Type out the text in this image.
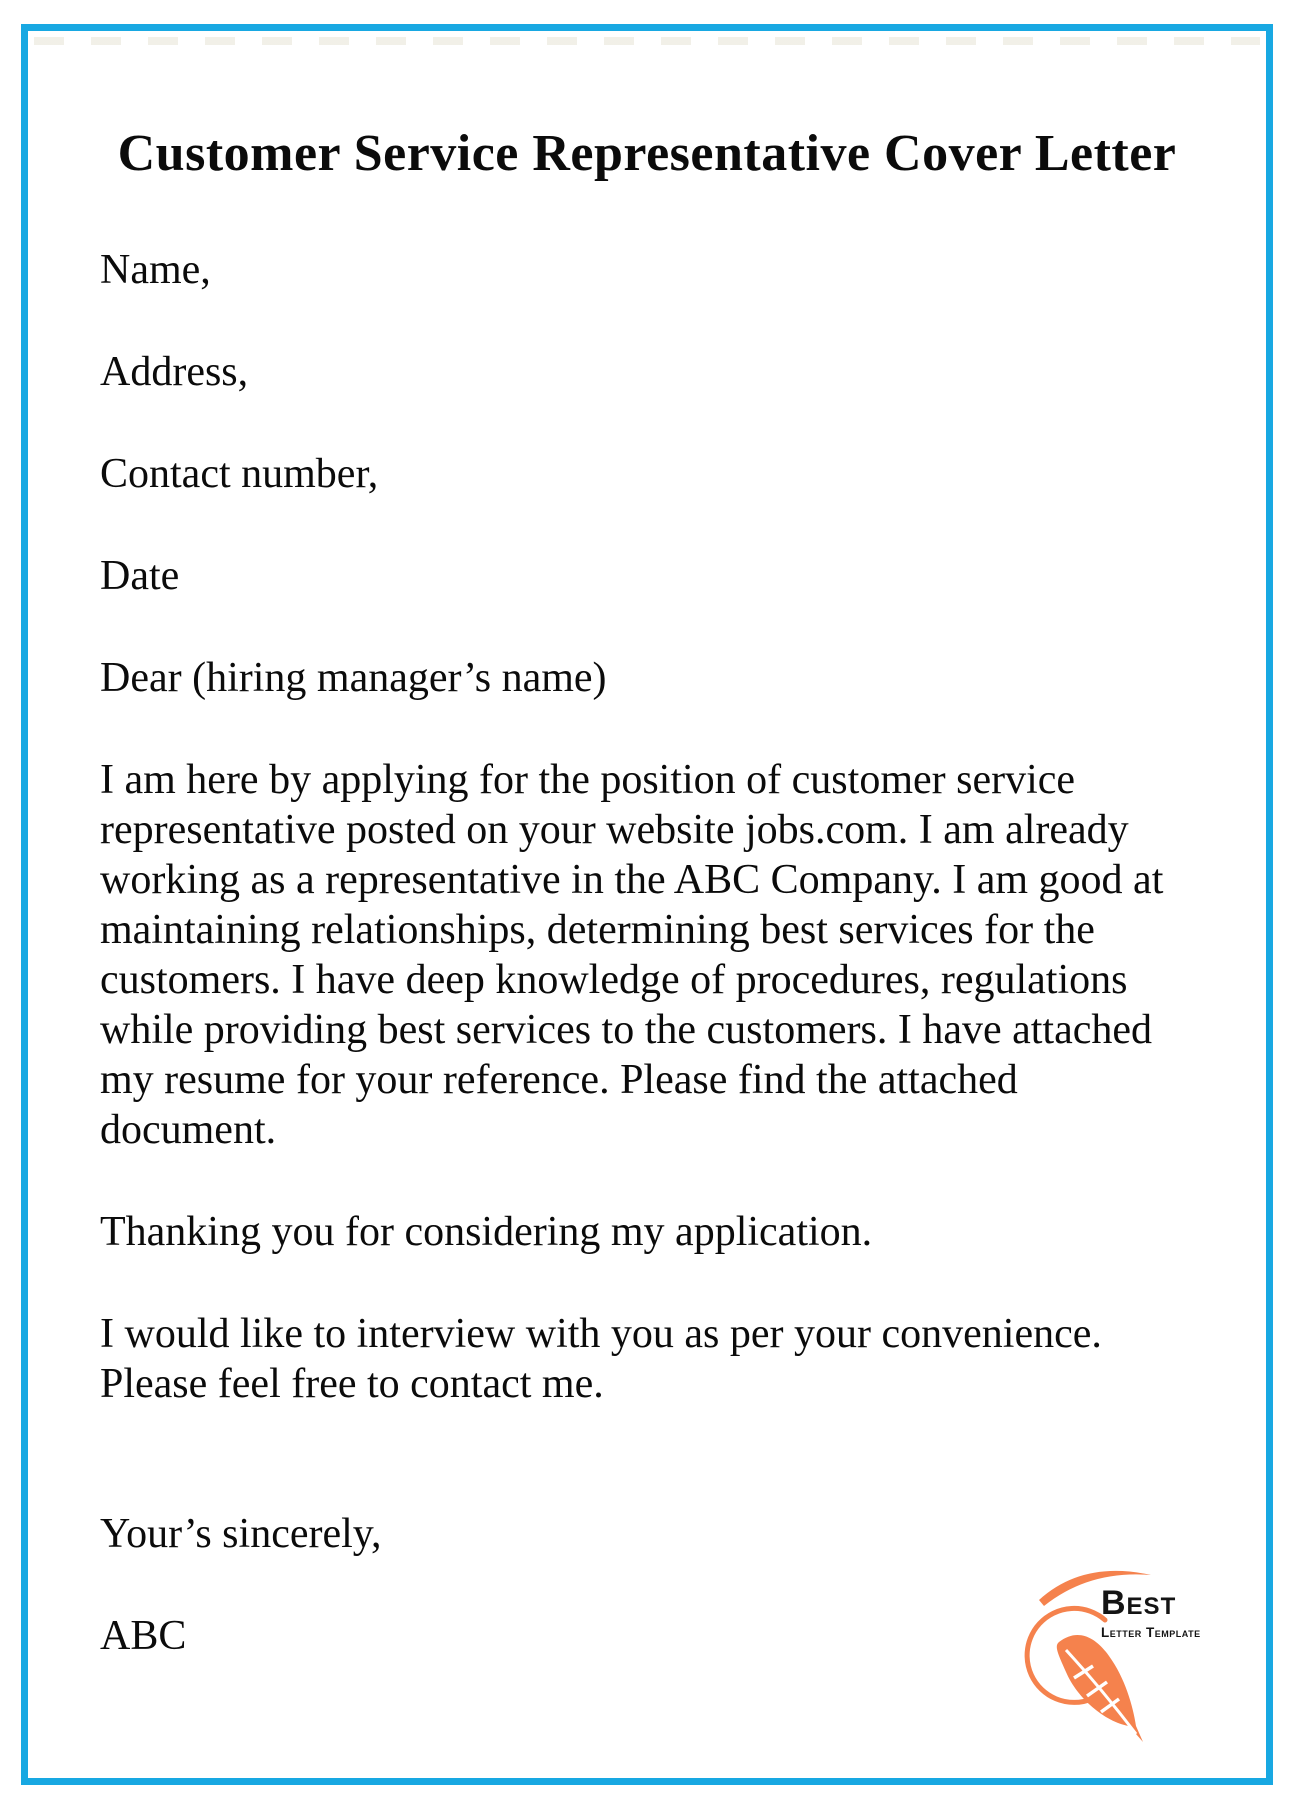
Customer Service Representative Cover Letter

Name,

Address,

Contact number,

Date

Dear (hiring manager’s name)

I am here by applying for the position of customer service representative posted on your website jobs.com. I am already working as a representative in the ABC Company. I am good at maintaining relationships, determining best services for the customers. I have deep knowledge of procedures, regulations while providing best services to the customers. I have attached my resume for your reference. Please find the attached document.

Thanking you for considering my application.

I would like to interview with you as per your convenience. Please feel free to contact me.

Your’s sincerely,

ABC

Best
Letter Template
